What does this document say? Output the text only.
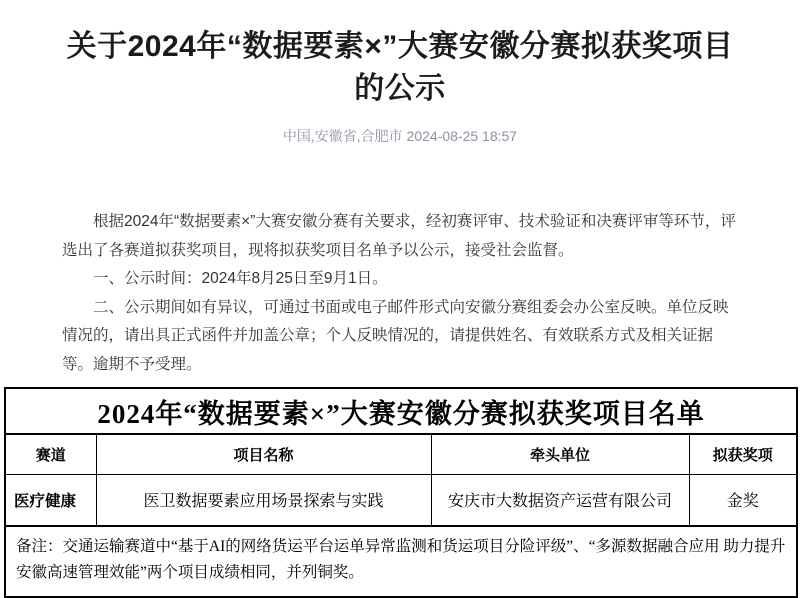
关于2024年“数据要素×”大赛安徽分赛拟获奖项目
的公示
中国,安徽省,合肥市 2024-08-25 18:57

根据2024年“数据要素×”大赛安徽分赛有关要求，经初赛评审、技术验证和决赛评审等环节，评选出了各赛道拟获奖项目，现将拟获奖项目名单予以公示，接受社会监督。

一、公示时间：2024年8月25日至9月1日。

二、公示期间如有异议，可通过书面或电子邮件形式向安徽分赛组委会办公室反映。单位反映情况的，请出具正式函件并加盖公章；个人反映情况的，请提供姓名、有效联系方式及相关证据等。逾期不予受理。

2024年“数据要素×”大赛安徽分赛拟获奖项目名单			
赛道	项目名称	牵头单位	拟获奖项
医疗健康	医卫数据要素应用场景探索与实践	安庆市大数据资产运营有限公司	金奖
备注：交通运输赛道中“基于AI的网络货运平台运单异常监测和货运项目分险评级”、“多源数据融合应用 助力提升安徽高速管理效能”两个项目成绩相同，并列铜奖。			
